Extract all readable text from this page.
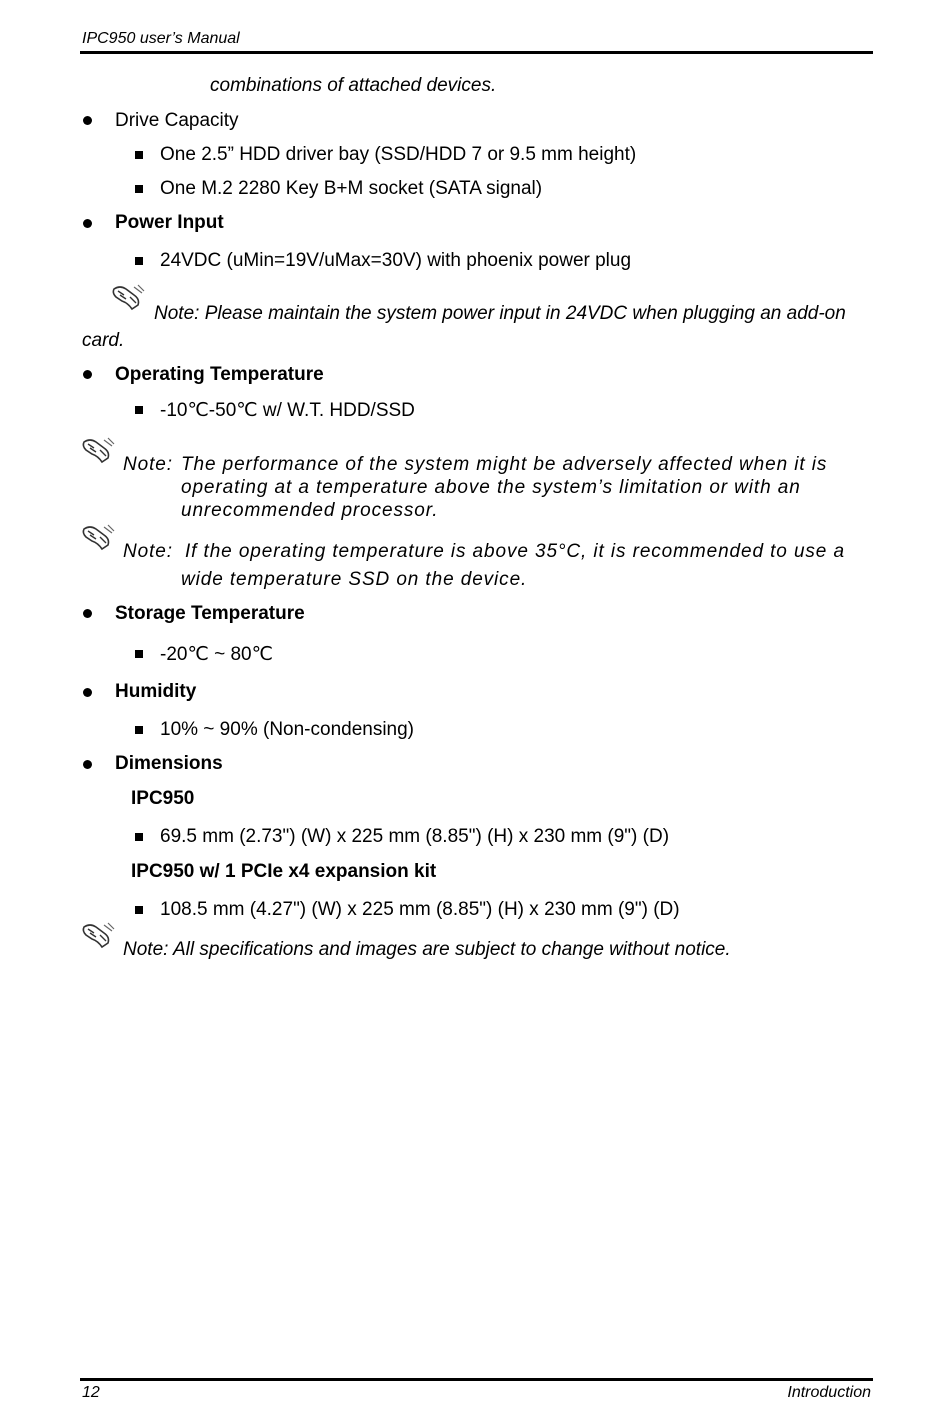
IPC950 user’s Manual
combinations of attached devices.
Drive Capacity
One 2.5” HDD driver bay (SSD/HDD 7 or 9.5 mm height)
One M.2 2280 Key B+M socket (SATA signal)
Power Input
24VDC (uMin=19V/uMax=30V) with phoenix power plug
Note: Please maintain the system power input in 24VDC when plugging an add-on
card.
Operating Temperature
-10℃-50℃ w/ W.T. HDD/SSD
Note: The performance of the system might be adversely affected when it is
operating at a temperature above the system’s limitation or with an
unrecommended processor.
Note: If the operating temperature is above 35°C, it is recommended to use a
wide temperature SSD on the device.
Storage Temperature
-20℃ ~ 80℃
Humidity
10% ~ 90% (Non-condensing)
Dimensions
IPC950
69.5 mm (2.73") (W) x 225 mm (8.85") (H) x 230 mm (9") (D)
IPC950 w/ 1 PCIe x4 expansion kit
108.5 mm (4.27") (W) x 225 mm (8.85") (H) x 230 mm (9") (D)
Note: All specifications and images are subject to change without notice.
12	Introduction
